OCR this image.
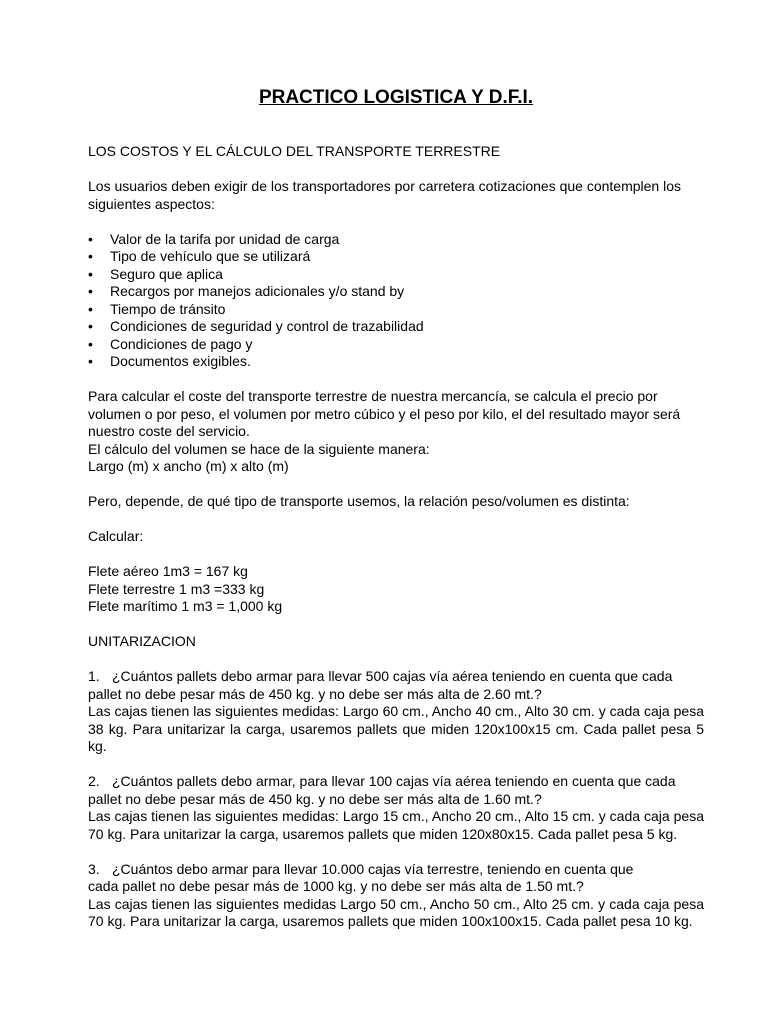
PRACTICO LOGISTICA Y D.F.I.

LOS COSTOS Y EL CÁLCULO DEL TRANSPORTE TERRESTRE

Los usuarios deben exigir de los transportadores por carretera cotizaciones que contemplen los

siguientes aspectos:

•	Valor de la tarifa por unidad de carga
•	Tipo de vehículo que se utilizará
•	Seguro que aplica
•	Recargos por manejos adicionales y/o stand by
•	Tiempo de tránsito
•	Condiciones de seguridad y control de trazabilidad
•	Condiciones de pago y
•	Documentos exigibles.

Para calcular el coste del transporte terrestre de nuestra mercancía, se calcula el precio por

volumen o por peso, el volumen por metro cúbico y el peso por kilo, el del resultado mayor será

nuestro coste del servicio.

El cálculo del volumen se hace de la siguiente manera:

Largo (m) x ancho (m) x alto (m)

Pero, depende, de qué tipo de transporte usemos, la relación peso/volumen es distinta:

Calcular:

Flete aéreo 1m3 = 167 kg

Flete terrestre 1 m3 =333 kg

Flete marítimo 1 m3 = 1,000 kg

UNITARIZACION

1. ¿Cuántos pallets debo armar para llevar 500 cajas vía aérea teniendo en cuenta que cada

pallet no debe pesar más de 450 kg. y no debe ser más alta de 2.60 mt.?

Las cajas tienen las siguientes medidas: Largo 60 cm., Ancho 40 cm., Alto 30 cm. y cada caja pesa 38 kg. Para unitarizar la carga, usaremos pallets que miden 120x100x15 cm. Cada pallet pesa 5 kg.

2. ¿Cuántos pallets debo armar, para llevar 100 cajas vía aérea teniendo en cuenta que cada

pallet no debe pesar más de 450 kg. y no debe ser más alta de 1.60 mt.?

Las cajas tienen las siguientes medidas: Largo 15 cm., Ancho 20 cm., Alto 15 cm. y cada caja pesa 70 kg. Para unitarizar la carga, usaremos pallets que miden 120x80x15. Cada pallet pesa 5 kg.

3. ¿Cuántos debo armar para llevar 10.000 cajas vía terrestre, teniendo en cuenta que

cada pallet no debe pesar más de 1000 kg. y no debe ser más alta de 1.50 mt.?

Las cajas tienen las siguientes medidas Largo 50 cm., Ancho 50 cm., Alto 25 cm. y cada caja pesa 70 kg. Para unitarizar la carga, usaremos pallets que miden 100x100x15. Cada pallet pesa 10 kg.
